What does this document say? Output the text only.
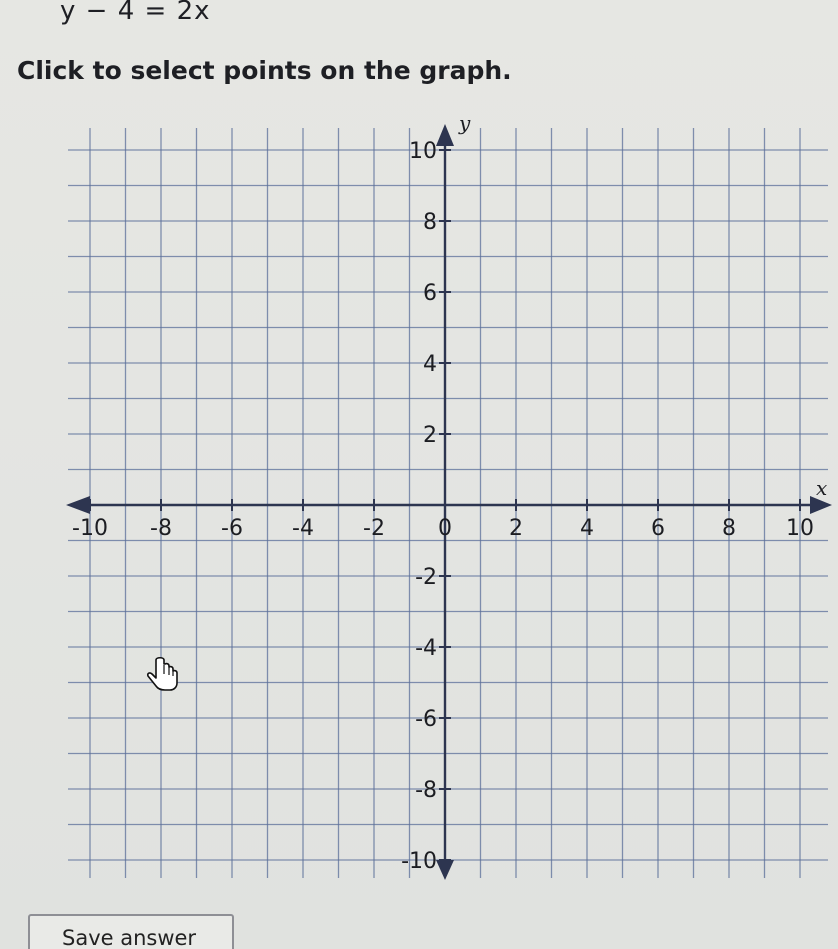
y − 4 = 2x
Click to select points on the graph.
-10 -8 -6 -4 -2 0	2	4	6	8 10
10
8
6
4
2
-2
-4
-6
-8
-10
x
y
Save answer
